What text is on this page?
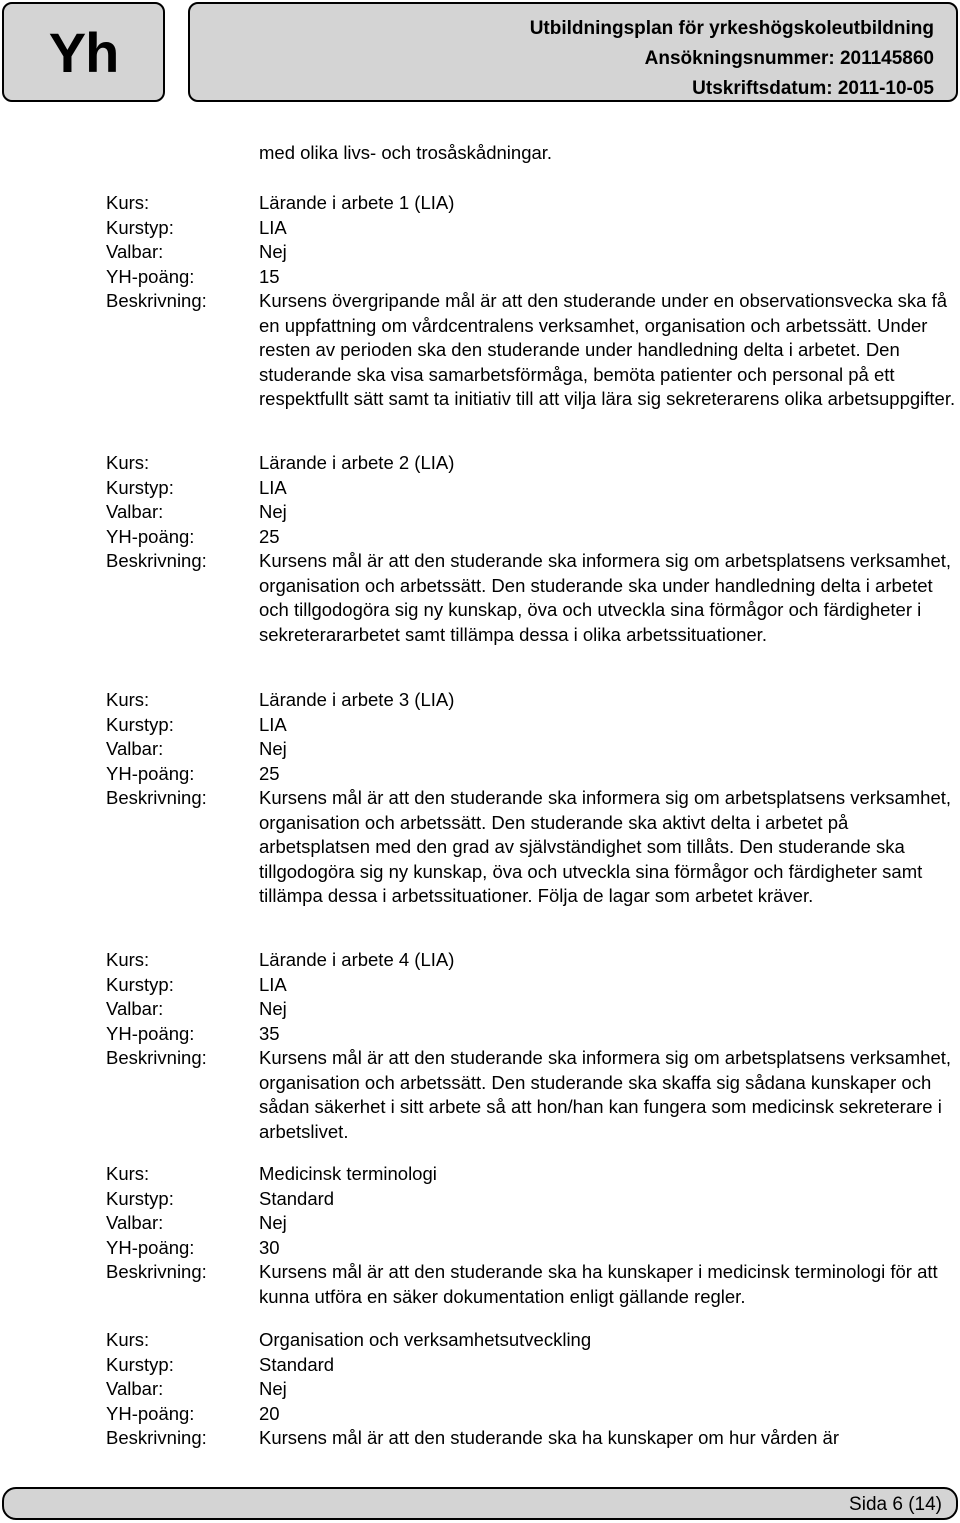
Yh	Utbildningsplan för yrkeshögskoleutbildning
Ansökningsnummer: 201145860
Utskriftsdatum: 2011-10-05
med olika livs- och trosåskådningar.
Kurs:	Lärande i arbete 1 (LIA)
Kurstyp:	LIA
Valbar:	Nej
YH-poäng:	15
Beskrivning:	Kursens övergripande mål är att den studerande under en observationsvecka ska få en uppfattning om vårdcentralens verksamhet, organisation och arbetssätt. Under resten av perioden ska den studerande under handledning delta i arbetet. Den studerande ska visa samarbetsförmåga, bemöta patienter och personal på ett respektfullt sätt samt ta initiativ till att vilja lära sig sekreterarens olika arbetsuppgifter.
Kurs:	Lärande i arbete 2 (LIA)
Kurstyp:	LIA
Valbar:	Nej
YH-poäng:	25
Beskrivning:	Kursens mål är att den studerande ska informera sig om arbetsplatsens verksamhet, organisation och arbetssätt. Den studerande ska under handledning delta i arbetet och tillgodogöra sig ny kunskap, öva och utveckla sina förmågor och färdigheter i sekreterararbetet samt tillämpa dessa i olika arbetssituationer.
Kurs:	Lärande i arbete 3 (LIA)
Kurstyp:	LIA
Valbar:	Nej
YH-poäng:	25
Beskrivning:	Kursens mål är att den studerande ska informera sig om arbetsplatsens verksamhet, organisation och arbetssätt. Den studerande ska aktivt delta i arbetet på arbetsplatsen med den grad av självständighet som tillåts. Den studerande ska tillgodogöra sig ny kunskap, öva och utveckla sina förmågor och färdigheter samt tillämpa dessa i arbetssituationer. Följa de lagar som arbetet kräver.
Kurs:	Lärande i arbete 4 (LIA)
Kurstyp:	LIA
Valbar:	Nej
YH-poäng:	35
Beskrivning:	Kursens mål är att den studerande ska informera sig om arbetsplatsens verksamhet, organisation och arbetssätt. Den studerande ska skaffa sig sådana kunskaper och sådan säkerhet i sitt arbete så att hon/han kan fungera som medicinsk sekreterare i arbetslivet.
Kurs:	Medicinsk terminologi
Kurstyp:	Standard
Valbar:	Nej
YH-poäng:	30
Beskrivning:	Kursens mål är att den studerande ska ha kunskaper i medicinsk terminologi för att kunna utföra en säker dokumentation enligt gällande regler.
Kurs:	Organisation och verksamhetsutveckling
Kurstyp:	Standard
Valbar:	Nej
YH-poäng:	20
Beskrivning:	Kursens mål är att den studerande ska ha kunskaper om hur vården är
Sida 6 (14)
